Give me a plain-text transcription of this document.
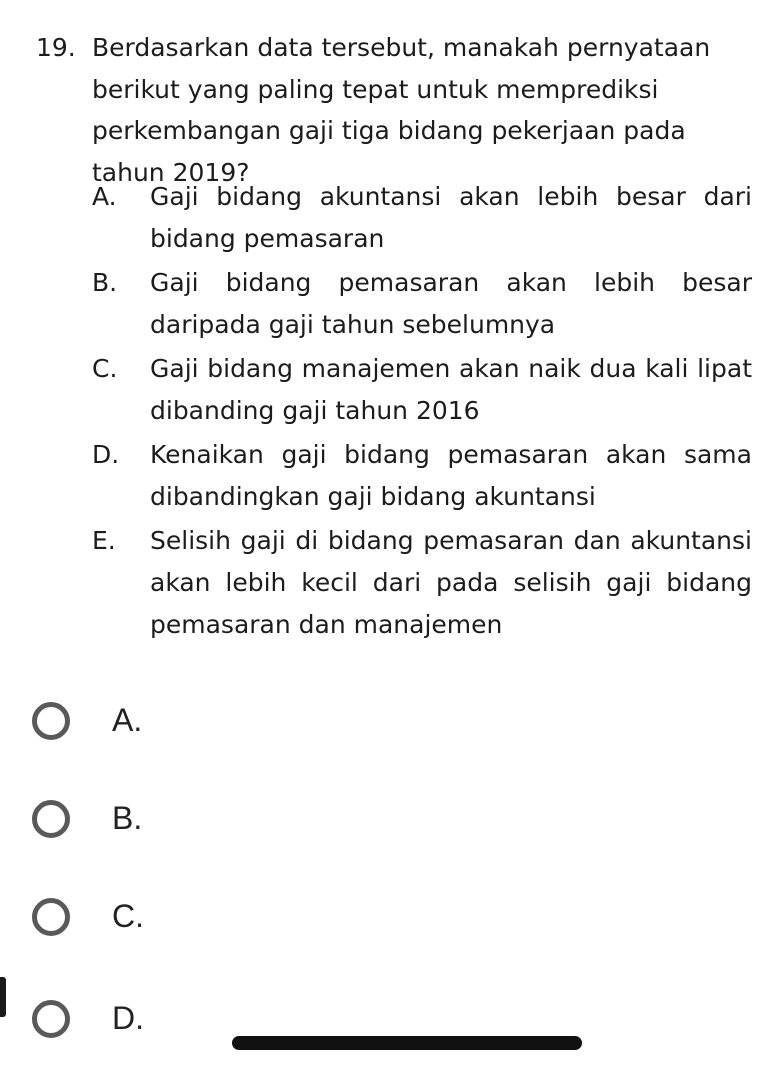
19. Berdasarkan data tersebut, manakah pernyataan berikut yang paling tepat untuk memprediksi perkembangan gaji tiga bidang pekerjaan pada tahun 2019?
A. Gaji bidang akuntansi akan lebih besar dari bidang pemasaran
B. Gaji bidang pemasaran akan lebih besar daripada gaji tahun sebelumnya
C. Gaji bidang manajemen akan naik dua kali lipat dibanding gaji tahun 2016
D. Kenaikan gaji bidang pemasaran akan sama dibandingkan gaji bidang akuntansi
E. Selisih gaji di bidang pemasaran dan akuntansi akan lebih kecil dari pada selisih gaji bidang pemasaran dan manajemen
A.
B.
C.
D.
